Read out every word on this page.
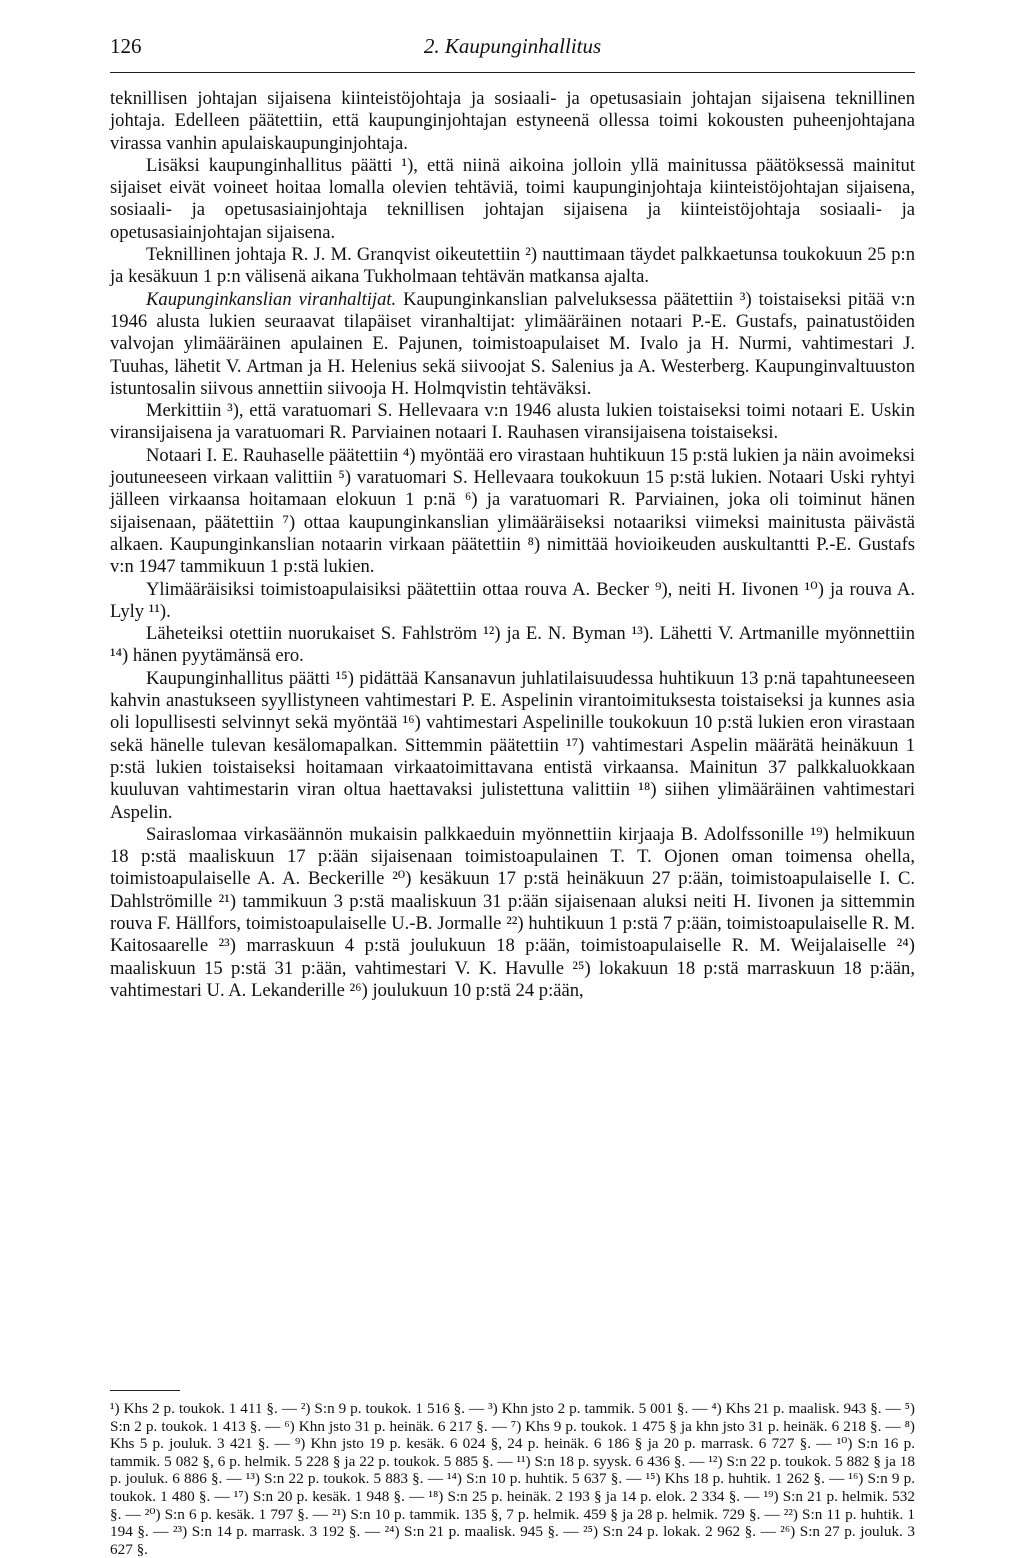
126	2. Kaupunginhallitus

teknillisen johtajan sijaisena kiinteistöjohtaja ja sosiaali- ja opetusasiain johtajan sijaisena teknillinen johtaja. Edelleen päätettiin, että kaupunginjohtajan estyneenä ollessa toimi kokousten puheenjohtajana virassa vanhin apulaiskaupunginjohtaja.

Lisäksi kaupunginhallitus päätti ¹), että niinä aikoina jolloin yllä mainitussa päätöksessä mainitut sijaiset eivät voineet hoitaa lomalla olevien tehtäviä, toimi kaupunginjohtaja kiinteistöjohtajan sijaisena, sosiaali- ja opetusasiainjohtaja teknillisen johtajan sijaisena ja kiinteistöjohtaja sosiaali- ja opetusasiainjohtajan sijaisena.

Teknillinen johtaja R. J. M. Granqvist oikeutettiin ²) nauttimaan täydet palkkaetunsa toukokuun 25 p:n ja kesäkuun 1 p:n välisenä aikana Tukholmaan tehtävän matkansa ajalta.

Kaupunginkanslian viranhaltijat. Kaupunginkanslian palveluksessa päätettiin ³) toistaiseksi pitää v:n 1946 alusta lukien seuraavat tilapäiset viranhaltijat: ylimääräinen notaari P.-E. Gustafs, painatustöiden valvojan ylimääräinen apulainen E. Pajunen, toimistoapulaiset M. Ivalo ja H. Nurmi, vahtimestari J. Tuuhas, lähetit V. Artman ja H. Helenius sekä siivoojat S. Salenius ja A. Westerberg. Kaupunginvaltuuston istuntosalin siivous annettiin siivooja H. Holmqvistin tehtäväksi.

Merkittiin ³), että varatuomari S. Hellevaara v:n 1946 alusta lukien toistaiseksi toimi notaari E. Uskin viransijaisena ja varatuomari R. Parviainen notaari I. Rauhasen viransijaisena toistaiseksi.

Notaari I. E. Rauhaselle päätettiin ⁴) myöntää ero virastaan huhtikuun 15 p:stä lukien ja näin avoimeksi joutuneeseen virkaan valittiin ⁵) varatuomari S. Hellevaara toukokuun 15 p:stä lukien. Notaari Uski ryhtyi jälleen virkaansa hoitamaan elokuun 1 p:nä ⁶) ja varatuomari R. Parviainen, joka oli toiminut hänen sijaisenaan, päätettiin ⁷) ottaa kaupunginkanslian ylimääräiseksi notaariksi viimeksi mainitusta päivästä alkaen. Kaupunginkanslian notaarin virkaan päätettiin ⁸) nimittää hovioikeuden auskultantti P.-E. Gustafs v:n 1947 tammikuun 1 p:stä lukien.

Ylimääräisiksi toimistoapulaisiksi päätettiin ottaa rouva A. Becker ⁹), neiti H. Iivonen ¹⁰) ja rouva A. Lyly ¹¹).

Läheteiksi otettiin nuorukaiset S. Fahlström ¹²) ja E. N. Byman ¹³). Lähetti V. Artmanille myönnettiin ¹⁴) hänen pyytämänsä ero.

Kaupunginhallitus päätti ¹⁵) pidättää Kansanavun juhlatilaisuudessa huhtikuun 13 p:nä tapahtuneeseen kahvin anastukseen syyllistyneen vahtimestari P. E. Aspelinin virantoimituksesta toistaiseksi ja kunnes asia oli lopullisesti selvinnyt sekä myöntää ¹⁶) vahtimestari Aspelinille toukokuun 10 p:stä lukien eron virastaan sekä hänelle tulevan kesälomapalkan. Sittemmin päätettiin ¹⁷) vahtimestari Aspelin määrätä heinäkuun 1 p:stä lukien toistaiseksi hoitamaan virkaatoimittavana entistä virkaansa. Mainitun 37 palkkaluokkaan kuuluvan vahtimestarin viran oltua haettavaksi julistettuna valittiin ¹⁸) siihen ylimääräinen vahtimestari Aspelin.

Sairaslomaa virkasäännön mukaisin palkkaeduin myönnettiin kirjaaja B. Adolfssonille ¹⁹) helmikuun 18 p:stä maaliskuun 17 p:ään sijaisenaan toimistoapulainen T. T. Ojonen oman toimensa ohella, toimistoapulaiselle A. A. Beckerille ²⁰) kesäkuun 17 p:stä heinäkuun 27 p:ään, toimistoapulaiselle I. C. Dahlströmille ²¹) tammikuun 3 p:stä maaliskuun 31 p:ään sijaisenaan aluksi neiti H. Iivonen ja sittemmin rouva F. Hällfors, toimistoapulaiselle U.-B. Jormalle ²²) huhtikuun 1 p:stä 7 p:ään, toimistoapulaiselle R. M. Kaitosaarelle ²³) marraskuun 4 p:stä joulukuun 18 p:ään, toimistoapulaiselle R. M. Weijalaiselle ²⁴) maaliskuun 15 p:stä 31 p:ään, vahtimestari V. K. Havulle ²⁵) lokakuun 18 p:stä marraskuun 18 p:ään, vahtimestari U. A. Lekanderille ²⁶) joulukuun 10 p:stä 24 p:ään,

¹) Khs 2 p. toukok. 1 411 §. — ²) S:n 9 p. toukok. 1 516 §. — ³) Khn jsto 2 p. tammik. 5 001 §. — ⁴) Khs 21 p. maalisk. 943 §. — ⁵) S:n 2 p. toukok. 1 413 §. — ⁶) Khn jsto 31 p. heinäk. 6 217 §. — ⁷) Khs 9 p. toukok. 1 475 § ja khn jsto 31 p. heinäk. 6 218 §. — ⁸) Khs 5 p. jouluk. 3 421 §. — ⁹) Khn jsto 19 p. kesäk. 6 024 §, 24 p. heinäk. 6 186 § ja 20 p. marrask. 6 727 §. — ¹⁰) S:n 16 p. tammik. 5 082 §, 6 p. helmik. 5 228 § ja 22 p. toukok. 5 885 §. — ¹¹) S:n 18 p. syysk. 6 436 §. — ¹²) S:n 22 p. toukok. 5 882 § ja 18 p. jouluk. 6 886 §. — ¹³) S:n 22 p. toukok. 5 883 §. — ¹⁴) S:n 10 p. huhtik. 5 637 §. — ¹⁵) Khs 18 p. huhtik. 1 262 §. — ¹⁶) S:n 9 p. toukok. 1 480 §. — ¹⁷) S:n 20 p. kesäk. 1 948 §. — ¹⁸) S:n 25 p. heinäk. 2 193 § ja 14 p. elok. 2 334 §. — ¹⁹) S:n 21 p. helmik. 532 §. — ²⁰) S:n 6 p. kesäk. 1 797 §. — ²¹) S:n 10 p. tammik. 135 §, 7 p. helmik. 459 § ja 28 p. helmik. 729 §. — ²²) S:n 11 p. huhtik. 1 194 §. — ²³) S:n 14 p. marrask. 3 192 §. — ²⁴) S:n 21 p. maalisk. 945 §. — ²⁵) S:n 24 p. lokak. 2 962 §. — ²⁶) S:n 27 p. jouluk. 3 627 §.
